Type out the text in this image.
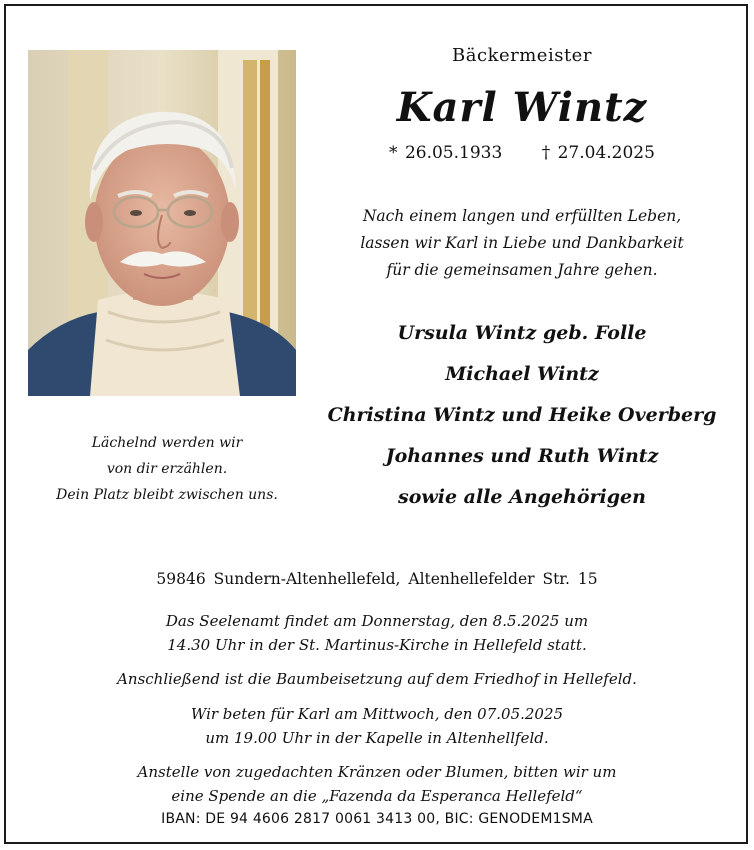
Bäckermeister
Karl Wintz
* 26.05.1933 † 27.04.2025
Nach einem langen und erfüllten Leben,
lassen wir Karl in Liebe und Dankbarkeit
für die gemeinsamen Jahre gehen.
Ursula Wintz geb. Folle
Michael Wintz
Christina Wintz und Heike Overberg
Johannes und Ruth Wintz
sowie alle Angehörigen
Lächelnd werden wir
von dir erzählen.
Dein Platz bleibt zwischen uns.
59846 Sundern-Altenhellefeld, Altenhellefelder Str. 15
Das Seelenamt findet am Donnerstag, den 8.5.2025 um
14.30 Uhr in der St. Martinus-Kirche in Hellefeld statt.
Anschließend ist die Baumbeisetzung auf dem Friedhof in Hellefeld.
Wir beten für Karl am Mittwoch, den 07.05.2025
um 19.00 Uhr in der Kapelle in Altenhellfeld.
Anstelle von zugedachten Kränzen oder Blumen, bitten wir um
eine Spende an die „Fazenda da Esperanca Hellefeld“
IBAN: DE 94 4606 2817 0061 3413 00, BIC: GENODEM1SMA
